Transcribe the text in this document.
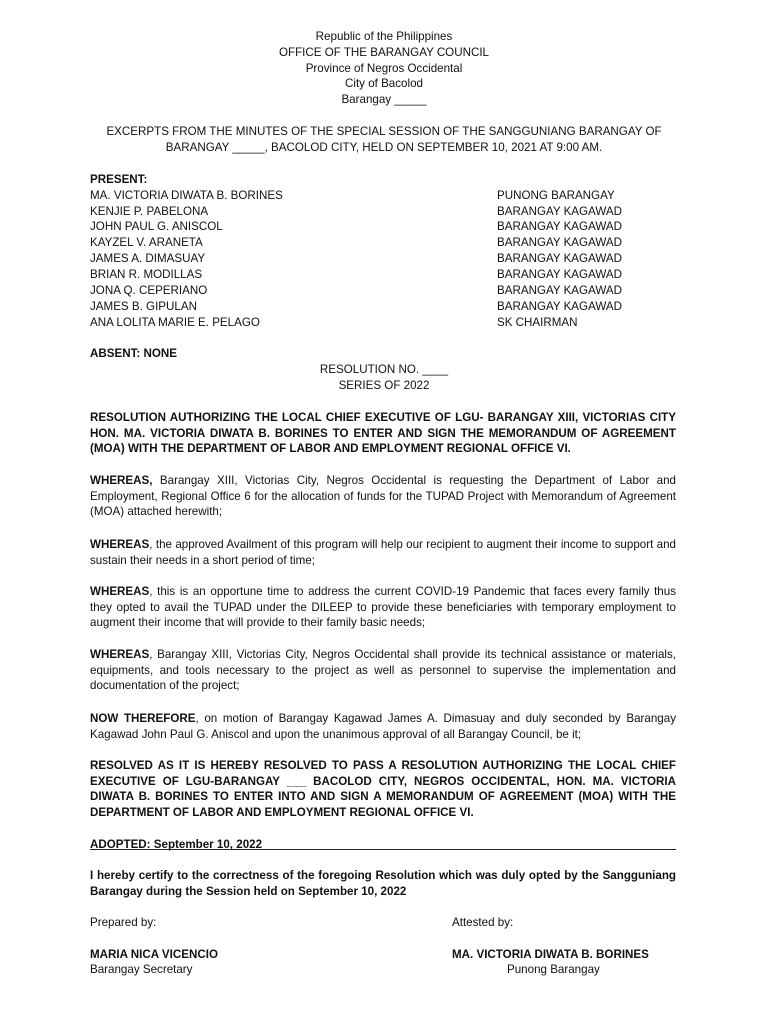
Republic of the Philippines
OFFICE OF THE BARANGAY COUNCIL
Province of Negros Occidental
City of Bacolod
Barangay _____
EXCERPTS FROM THE MINUTES OF THE SPECIAL SESSION OF THE SANGGUNIANG BARANGAY OF
BARANGAY _____, BACOLOD CITY, HELD ON SEPTEMBER 10, 2021 AT 9:00 AM.
PRESENT:
MA. VICTORIA DIWATA B. BORINES	PUNONG BARANGAY
KENJIE P. PABELONA	BARANGAY KAGAWAD
JOHN PAUL G. ANISCOL	BARANGAY KAGAWAD
KAYZEL V. ARANETA	BARANGAY KAGAWAD
JAMES A. DIMASUAY	BARANGAY KAGAWAD
BRIAN R. MODILLAS	BARANGAY KAGAWAD
JONA Q. CEPERIANO	BARANGAY KAGAWAD
JAMES B. GIPULAN	BARANGAY KAGAWAD
ANA LOLITA MARIE E. PELAGO	SK CHAIRMAN
ABSENT: NONE
RESOLUTION NO. ____
SERIES OF 2022
RESOLUTION AUTHORIZING THE LOCAL CHIEF EXECUTIVE OF LGU- BARANGAY XIII, VICTORIAS CITY HON. MA. VICTORIA DIWATA B. BORINES TO ENTER AND SIGN THE MEMORANDUM OF AGREEMENT (MOA) WITH THE DEPARTMENT OF LABOR AND EMPLOYMENT REGIONAL OFFICE VI.
WHEREAS, Barangay XIII, Victorias City, Negros Occidental is requesting the Department of Labor and Employment, Regional Office 6 for the allocation of funds for the TUPAD Project with Memorandum of Agreement (MOA) attached herewith;
WHEREAS, the approved Availment of this program will help our recipient to augment their income to support and sustain their needs in a short period of time;
WHEREAS, this is an opportune time to address the current COVID-19 Pandemic that faces every family thus they opted to avail the TUPAD under the DILEEP to provide these beneficiaries with temporary employment to augment their income that will provide to their family basic needs;
WHEREAS, Barangay XIII, Victorias City, Negros Occidental shall provide its technical assistance or materials, equipments, and tools necessary to the project as well as personnel to supervise the implementation and documentation of the project;
NOW THEREFORE, on motion of Barangay Kagawad James A. Dimasuay and duly seconded by Barangay Kagawad John Paul G. Aniscol and upon the unanimous approval of all Barangay Council, be it;
RESOLVED AS IT IS HEREBY RESOLVED TO PASS A RESOLUTION AUTHORIZING THE LOCAL CHIEF EXECUTIVE OF LGU-BARANGAY ___ BACOLOD CITY, NEGROS OCCIDENTAL, HON. MA. VICTORIA DIWATA B. BORINES TO ENTER INTO AND SIGN A MEMORANDUM OF AGREEMENT (MOA) WITH THE DEPARTMENT OF LABOR AND EMPLOYMENT REGIONAL OFFICE VI.
ADOPTED: September 10, 2022
I hereby certify to the correctness of the foregoing Resolution which was duly opted by the Sangguniang Barangay during the Session held on September 10, 2022
Prepared by:	Attested by:
MARIA NICA VICENCIO
Barangay Secretary
MA. VICTORIA DIWATA B. BORINES
Punong Barangay
